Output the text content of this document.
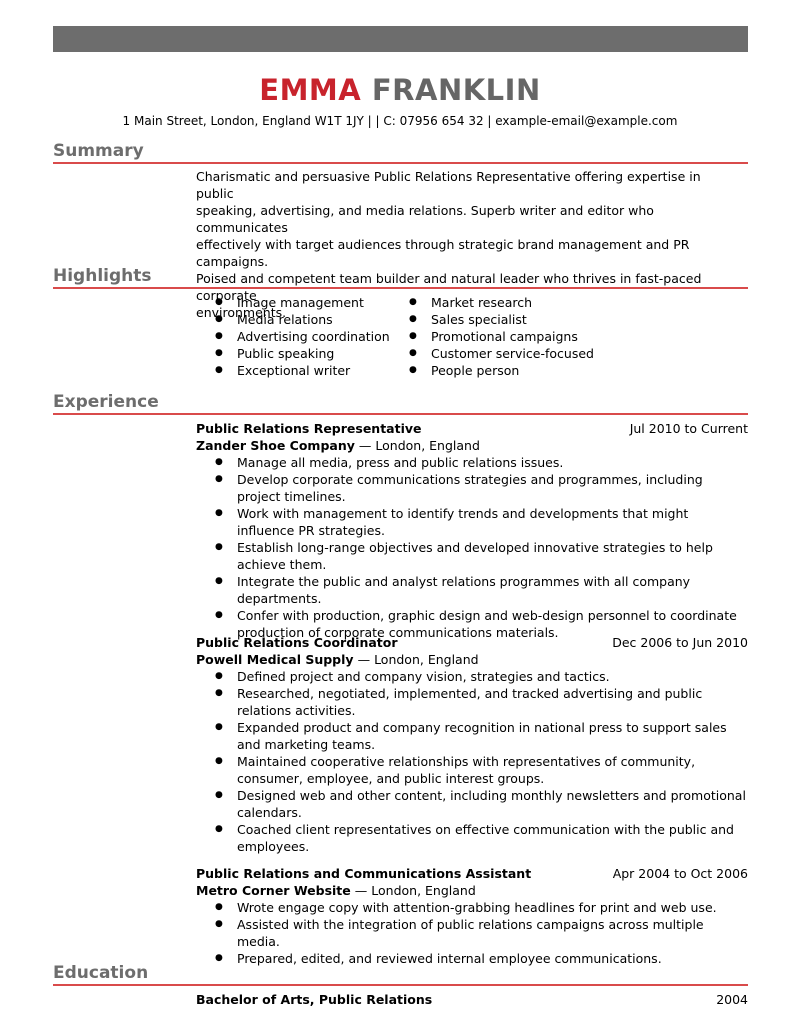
EMMA FRANKLIN
1 Main Street, London, England W1T 1JY | | C: 07956 654 32 | example-email@example.com
Summary
Charismatic and persuasive Public Relations Representative offering expertise in public
speaking, advertising, and media relations. Superb writer and editor who communicates
effectively with target audiences through strategic brand management and PR campaigns.
Poised and competent team builder and natural leader who thrives in fast-paced corporate
environments.
Highlights
● Image management
● Media relations
● Advertising coordination
● Public speaking
● Exceptional writer
● Market research
● Sales specialist
● Promotional campaigns
● Customer service-focused
● People person
Experience
Public Relations Representative	Jul 2010 to Current
Zander Shoe Company — London, England
● Manage all media, press and public relations issues.
● Develop corporate communications strategies and programmes, including project timelines.
● Work with management to identify trends and developments that might influence PR strategies.
● Establish long-range objectives and developed innovative strategies to help achieve them.
● Integrate the public and analyst relations programmes with all company departments.
● Confer with production, graphic design and web-design personnel to coordinate production of corporate communications materials.
Public Relations Coordinator	Dec 2006 to Jun 2010
Powell Medical Supply — London, England
● Defined project and company vision, strategies and tactics.
● Researched, negotiated, implemented, and tracked advertising and public relations activities.
● Expanded product and company recognition in national press to support sales and marketing teams.
● Maintained cooperative relationships with representatives of community, consumer, employee, and public interest groups.
● Designed web and other content, including monthly newsletters and promotional calendars.
● Coached client representatives on effective communication with the public and employees.
Public Relations and Communications Assistant	Apr 2004 to Oct 2006
Metro Corner Website — London, England
● Wrote engage copy with attention-grabbing headlines for print and web use.
● Assisted with the integration of public relations campaigns across multiple media.
● Prepared, edited, and reviewed internal employee communications.
Education
Bachelor of Arts, Public Relations	2004
